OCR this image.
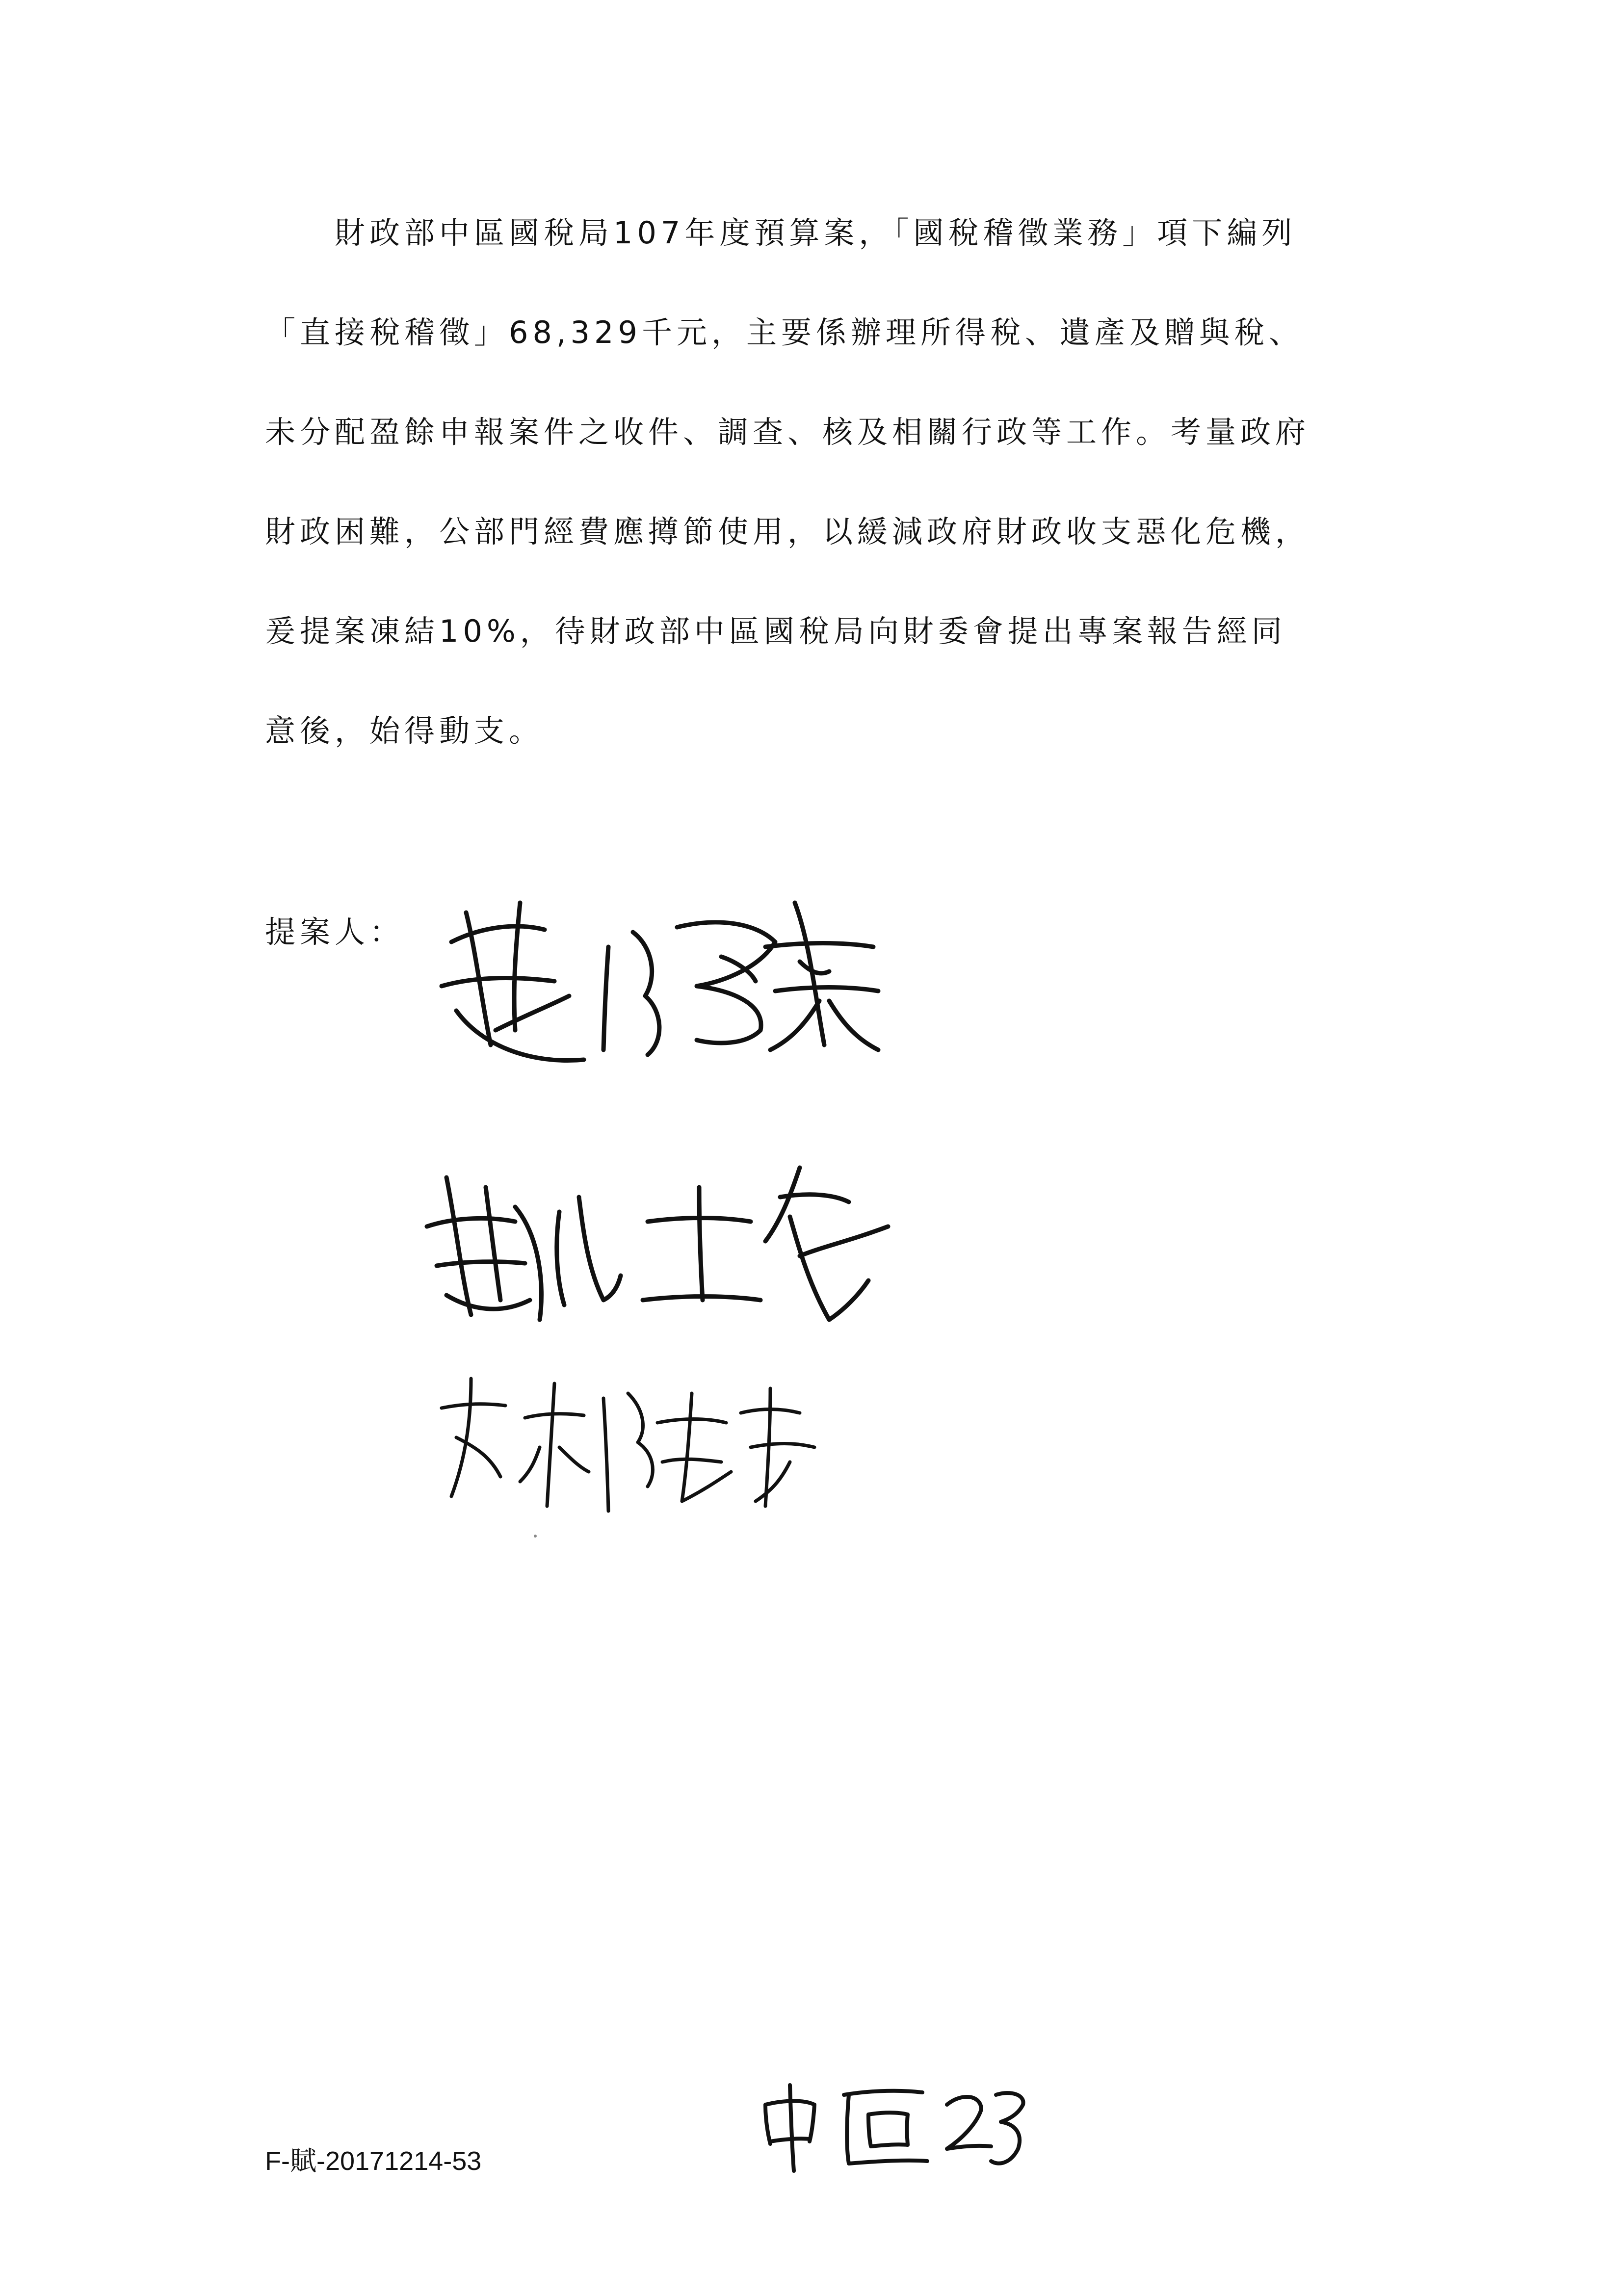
　　財政部中區國稅局107年度預算案，「國稅稽徵業務」項下編列
「直接稅稽徵」68,329千元，主要係辦理所得稅、遺產及贈與稅、
未分配盈餘申報案件之收件、調查、核及相關行政等工作。考量政府
財政困難，公部門經費應撙節使用，以緩減政府財政收支惡化危機，
爰提案凍結10%，待財政部中區國稅局向財委會提出專案報告經同
意後，始得動支。
提案人：
F-賦-20171214-53
